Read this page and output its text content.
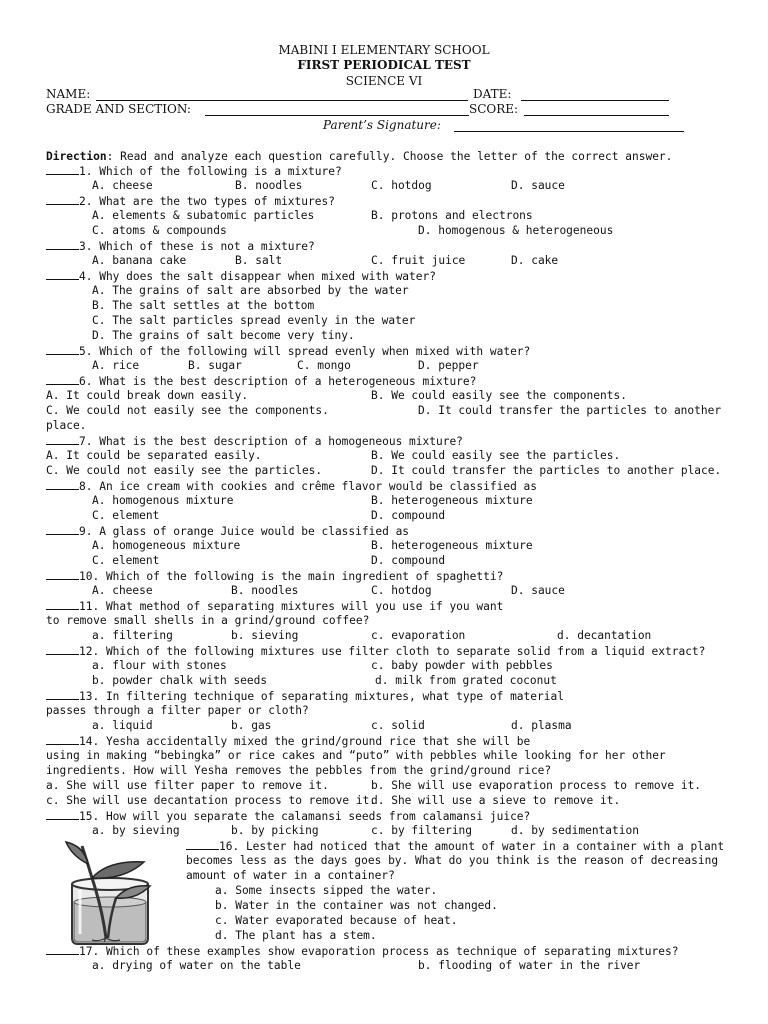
MABINI I ELEMENTARY SCHOOL
FIRST PERIODICAL TEST
SCIENCE VI
NAME:	DATE:
GRADE AND SECTION:	SCORE:
Parent’s Signature:
Direction: Read and analyze each question carefully. Choose the letter of the correct answer.
1. Which of the following is a mixture?
A. cheese	B. noodles	C. hotdog	D. sauce
2. What are the two types of mixtures?
A. elements & subatomic particles	B. protons and electrons
C. atoms & compounds	D. homogenous & heterogeneous
3. Which of these is not a mixture?
A. banana cake	B. salt	C. fruit juice	D. cake
4. Why does the salt disappear when mixed with water?
A. The grains of salt are absorbed by the water
B. The salt settles at the bottom
C. The salt particles spread evenly in the water
D. The grains of salt become very tiny.
5. Which of the following will spread evenly when mixed with water?
A. rice	B. sugar	C. mongo	D. pepper
6. What is the best description of a heterogeneous mixture?
A. It could break down easily.	B. We could easily see the components.
C. We could not easily see the components.	D. It could transfer the particles to another
place.
7. What is the best description of a homogeneous mixture?
A. It could be separated easily.	B. We could easily see the particles.
C. We could not easily see the particles.	D. It could transfer the particles to another place.
8. An ice cream with cookies and crême flavor would be classified as
A. homogenous mixture	B. heterogeneous mixture
C. element	D. compound
9. A glass of orange Juice would be classified as
A. homogeneous mixture	B. heterogeneous mixture
C. element	D. compound
10. Which of the following is the main ingredient of spaghetti?
A. cheese	B. noodles	C. hotdog	D. sauce
11. What method of separating mixtures will you use if you want
to remove small shells in a grind/ground coffee?
a. filtering	b. sieving	c. evaporation	d. decantation
12. Which of the following mixtures use filter cloth to separate solid from a liquid extract?
a. flour with stones	c. baby powder with pebbles
b. powder chalk with seeds	d. milk from grated coconut
13. In filtering technique of separating mixtures, what type of material
passes through a filter paper or cloth?
a. liquid	b. gas	c. solid	d. plasma
14. Yesha accidentally mixed the grind/ground rice that she will be
using in making “bebingka” or rice cakes and “puto” with pebbles while looking for her other
ingredients. How will Yesha removes the pebbles from the grind/ground rice?
a. She will use filter paper to remove it.	b. She will use evaporation process to remove it.
c. She will use decantation process to remove it.
d. She will use a sieve to remove it.
15. How will you separate the calamansi seeds from calamansi juice?
a. by sieving	b. by picking	c. by filtering	d. by sedimentation
16. Lester had noticed that the amount of water in a container with a plant
becomes less as the days goes by. What do you think is the reason of decreasing
amount of water in a container?
a. Some insects sipped the water.
b. Water in the container was not changed.
c. Water evaporated because of heat.
d. The plant has a stem.
17. Which of these examples show evaporation process as technique of separating mixtures?
a. drying of water on the table	b. flooding of water in the river
